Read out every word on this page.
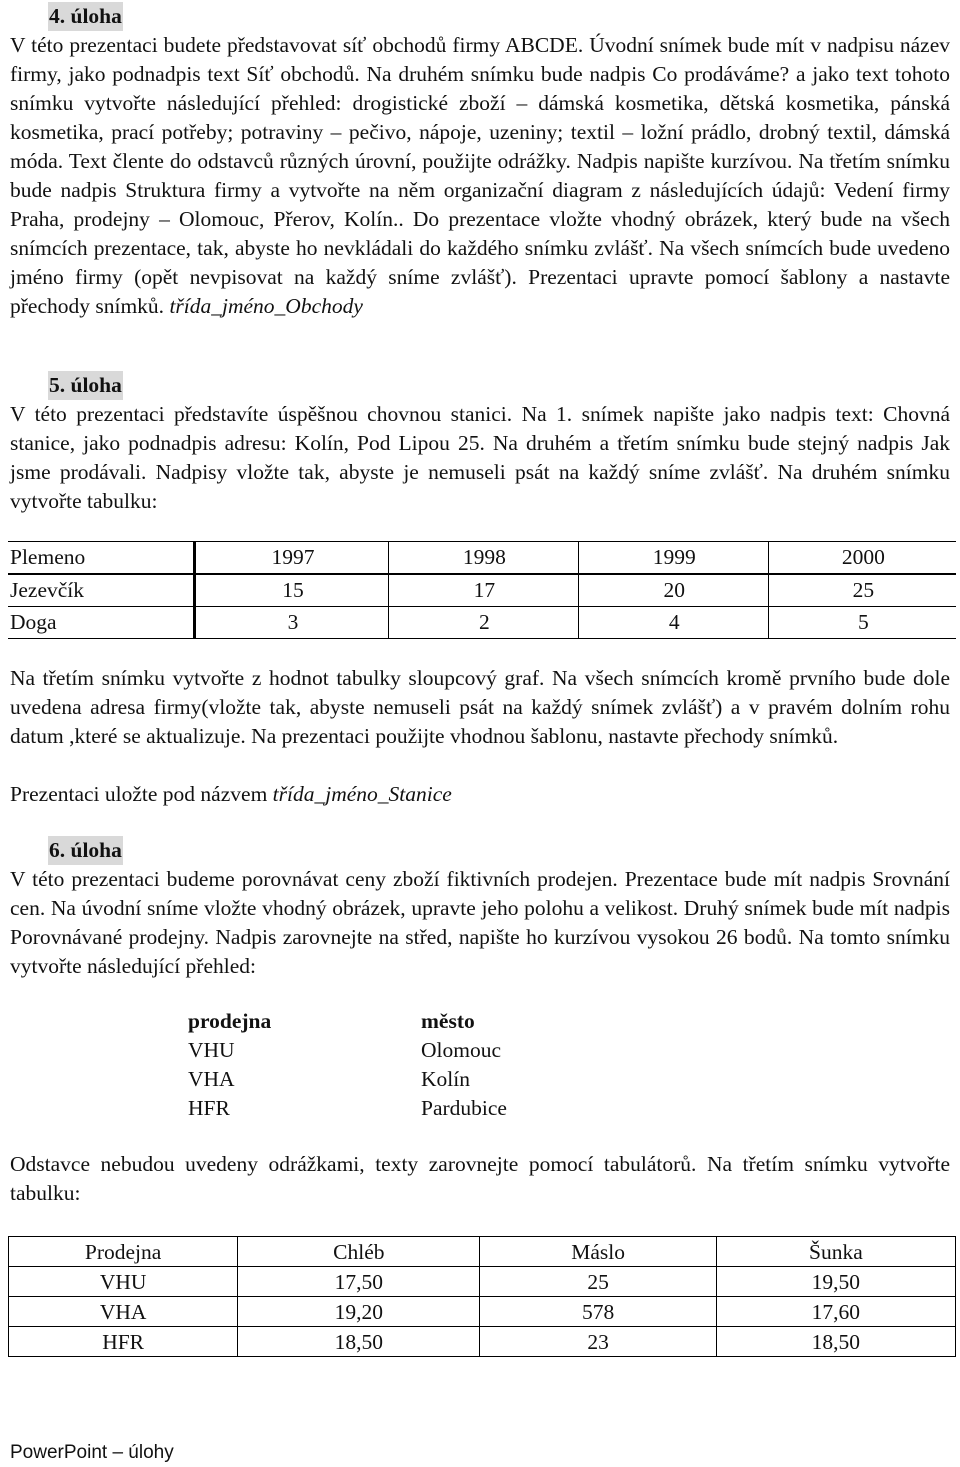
4. úloha

V této prezentaci budete představovat síť obchodů firmy ABCDE. Úvodní snímek bude mít v nadpisu název firmy, jako podnadpis text Síť obchodů. Na druhém snímku bude nadpis Co prodáváme? a jako text tohoto snímku vytvořte následující přehled: drogistické zboží – dámská kosmetika, dětská kosmetika, pánská kosmetika, prací potřeby; potraviny – pečivo, nápoje, uzeniny; textil – ložní prádlo, drobný textil, dámská móda. Text člente do odstavců různých úrovní, použijte odrážky. Nadpis napište kurzívou. Na třetím snímku bude nadpis Struktura firmy a vytvořte na něm organizační diagram z následujících údajů: Vedení firmy Praha, prodejny – Olomouc, Přerov, Kolín.. Do prezentace vložte vhodný obrázek, který bude na všech snímcích prezentace, tak, abyste ho nevkládali do každého snímku zvlášť. Na všech snímcích bude uvedeno jméno firmy (opět nevpisovat na každý sníme zvlášť). Prezentaci upravte pomocí šablony a nastavte přechody snímků. třída_jméno_Obchody

5. úloha

V této prezentaci představíte úspěšnou chovnou stanici. Na 1. snímek napište jako nadpis text: Chovná stanice, jako podnadpis adresu: Kolín, Pod Lipou 25. Na druhém a třetím snímku bude stejný nadpis Jak jsme prodávali. Nadpisy vložte tak, abyste je nemuseli psát na každý sníme zvlášť. Na druhém snímku vytvořte tabulku:

Plemeno	1997	1998	1999	2000
Jezevčík	15	17	20	25
Doga	3	2	4	5

Na třetím snímku vytvořte z hodnot tabulky sloupcový graf. Na všech snímcích kromě prvního bude dole uvedena adresa firmy(vložte tak, abyste nemuseli psát na každý snímek zvlášť) a v pravém dolním rohu datum ,které se aktualizuje. Na prezentaci použijte vhodnou šablonu, nastavte přechody snímků.

Prezentaci uložte pod názvem třída_jméno_Stanice

6. úloha

V této prezentaci budeme porovnávat ceny zboží fiktivních prodejen. Prezentace bude mít nadpis Srovnání cen. Na úvodní sníme vložte vhodný obrázek, upravte jeho polohu a velikost. Druhý snímek bude mít nadpis Porovnávané prodejny. Nadpis zarovnejte na střed, napište ho kurzívou vysokou 26 bodů. Na tomto snímku vytvořte následující přehled:

prodejna	město
VHU	Olomouc
VHA	Kolín
HFR	Pardubice

Odstavce nebudou uvedeny odrážkami, texty zarovnejte pomocí tabulátorů. Na třetím snímku vytvořte tabulku:

Prodejna	Chléb	Máslo	Šunka
VHU	17,50	25	19,50
VHA	19,20	578	17,60
HFR	18,50	23	18,50
PowerPoint – úlohy
